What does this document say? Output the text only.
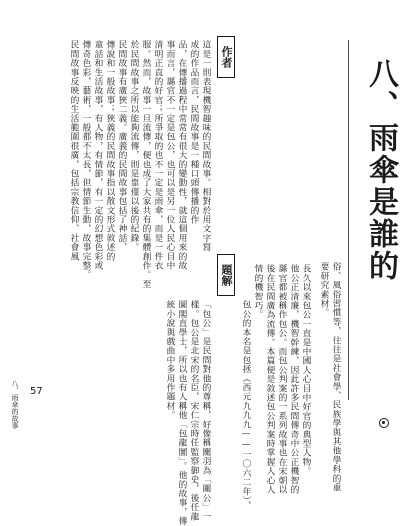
八、雨傘是誰的
俗、風俗習慣等，往往是社會學、民族學與其他學科的重
要研究素材。
作者
這是一則表現機智趣味的民間故事。相對於用文字寫
成的作品而言，民間故事是一種口頭傳播的作
品，在傳播過程中常常有很大的變動性，就這個用來的故
事而言，縣官不一定是包公，也可以是另一位人民心目中
清明正直的好官；所爭取的也不一定是雨傘，而是一件衣
服。然而，故事一旦流傳，便也成了大家共有的集體創作。至
於民間故事之所以能夠流傳，則是靠僅以後的紀錄。
民間故事有廣狹二義。廣義的民間故事包括了神話、
傳說和一般故事；狹義的民間故事指以散文形式敘述的
童話和生活故事，有人物，有情節，有一定的幻想色彩或
傳奇色彩，藝術，一般都不太長，但情節生動，故事完整。
民間故事反映的生活範圍很廣，包括宗教信仰、社會風
題解	長久以來包公一直是中國人心目中好官的典型人物。
他公正清廉，機智幹練，因此許多民間傳奇中公正機智的
縣官都被稱作包公。而包公判案的一系列故事也在宋朝以
後在民間廣為流傳。本篇便是敘述包公判案時掌握人心人
情的機智巧。
包公的本名是包拯（西元九九九——一〇六二年），
「包公」是民間對他的尊稱，好像稱關羽為「關公」一
樣。包公是北宋的名臣，宋仁宗時任監察御史，後任龍
圖閣直學士，所以也有人稱他「包龍圖」。他的故事，傳
統小說與戲曲中多用作題材。
八、雨傘的故事 57
